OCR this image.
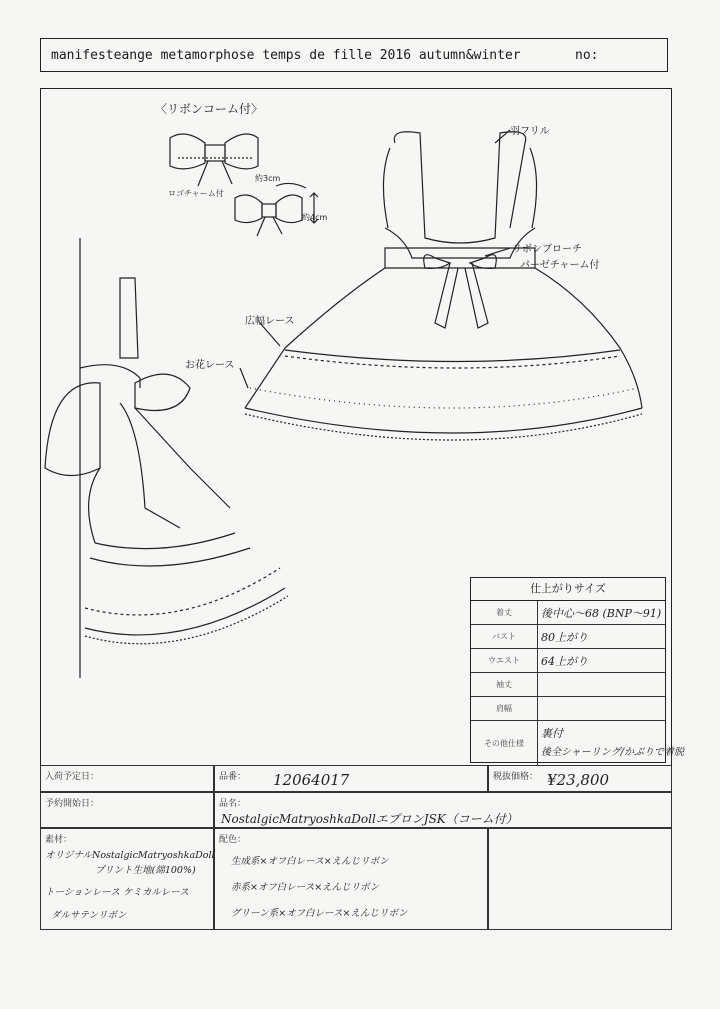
manifesteange metamorphose temps de fille 2016 autumn&winter	no:
〈リボンコーム付〉
ロゴチャーム付
約3cm
約4cm
羽フリル
リボンブローチ
パーゼチャーム付
広幅レース
お花レース
仕上がりサイズ
着丈	後中心～68 (BNP～91)
バスト	80上がり
ウエスト	64上がり
袖丈
肩幅
その他仕様
裏付
後全シャーリング/かぶりで着脱
入荷予定日：	品番： 12064017	税抜価格： ¥23,800
予約開始日：	品名：
NostalgicMatryoshkaDollエプロンJSK（コーム付）
素材：
オリジナルNostalgicMatryoshkaDoll
プリント生地(綿100%)
トーションレース ケミカルレース
ダルサテンリボン
配色：
生成系×オフ白レース×えんじリボン
赤系×オフ白レース×えんじリボン
グリーン系×オフ白レース×えんじリボン
